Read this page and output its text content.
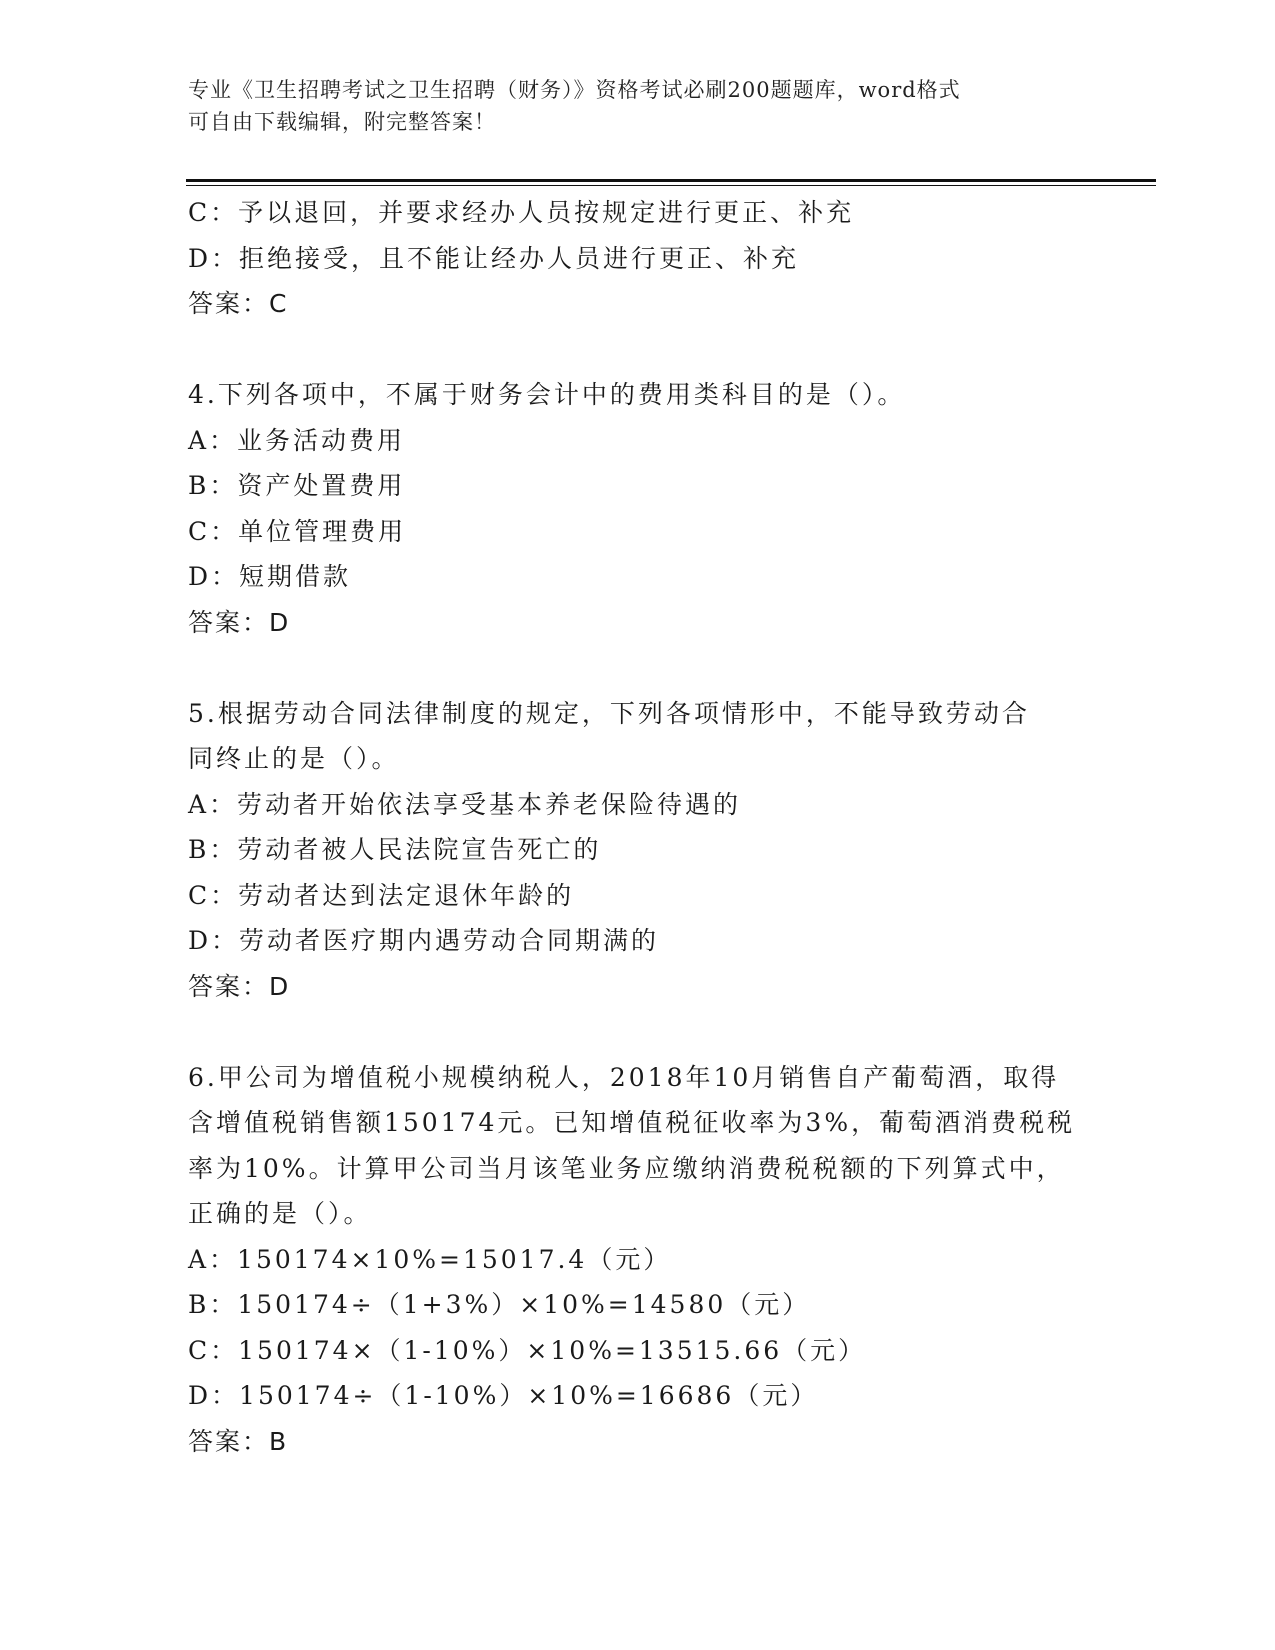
专业《卫生招聘考试之卫生招聘（财务）》资格考试必刷200题题库，word格式
可自由下载编辑，附完整答案！
C：予以退回，并要求经办人员按规定进行更正、补充
D：拒绝接受，且不能让经办人员进行更正、补充
答案：C
4.下列各项中，不属于财务会计中的费用类科目的是（）。
A：业务活动费用
B：资产处置费用
C：单位管理费用
D：短期借款
答案：D
5.根据劳动合同法律制度的规定，下列各项情形中，不能导致劳动合
同终止的是（）。
A：劳动者开始依法享受基本养老保险待遇的
B：劳动者被人民法院宣告死亡的
C：劳动者达到法定退休年龄的
D：劳动者医疗期内遇劳动合同期满的
答案：D
6.甲公司为增值税小规模纳税人，2018年10月销售自产葡萄酒，取得
含增值税销售额150174元。已知增值税征收率为3%，葡萄酒消费税税
率为10%。计算甲公司当月该笔业务应缴纳消费税税额的下列算式中，
正确的是（）。
A：150174×10%=15017.4（元）
B：150174÷（1+3%）×10%=14580（元）
C：150174×（1-10%）×10%=13515.66（元）
D：150174÷（1-10%）×10%=16686（元）
答案：B
